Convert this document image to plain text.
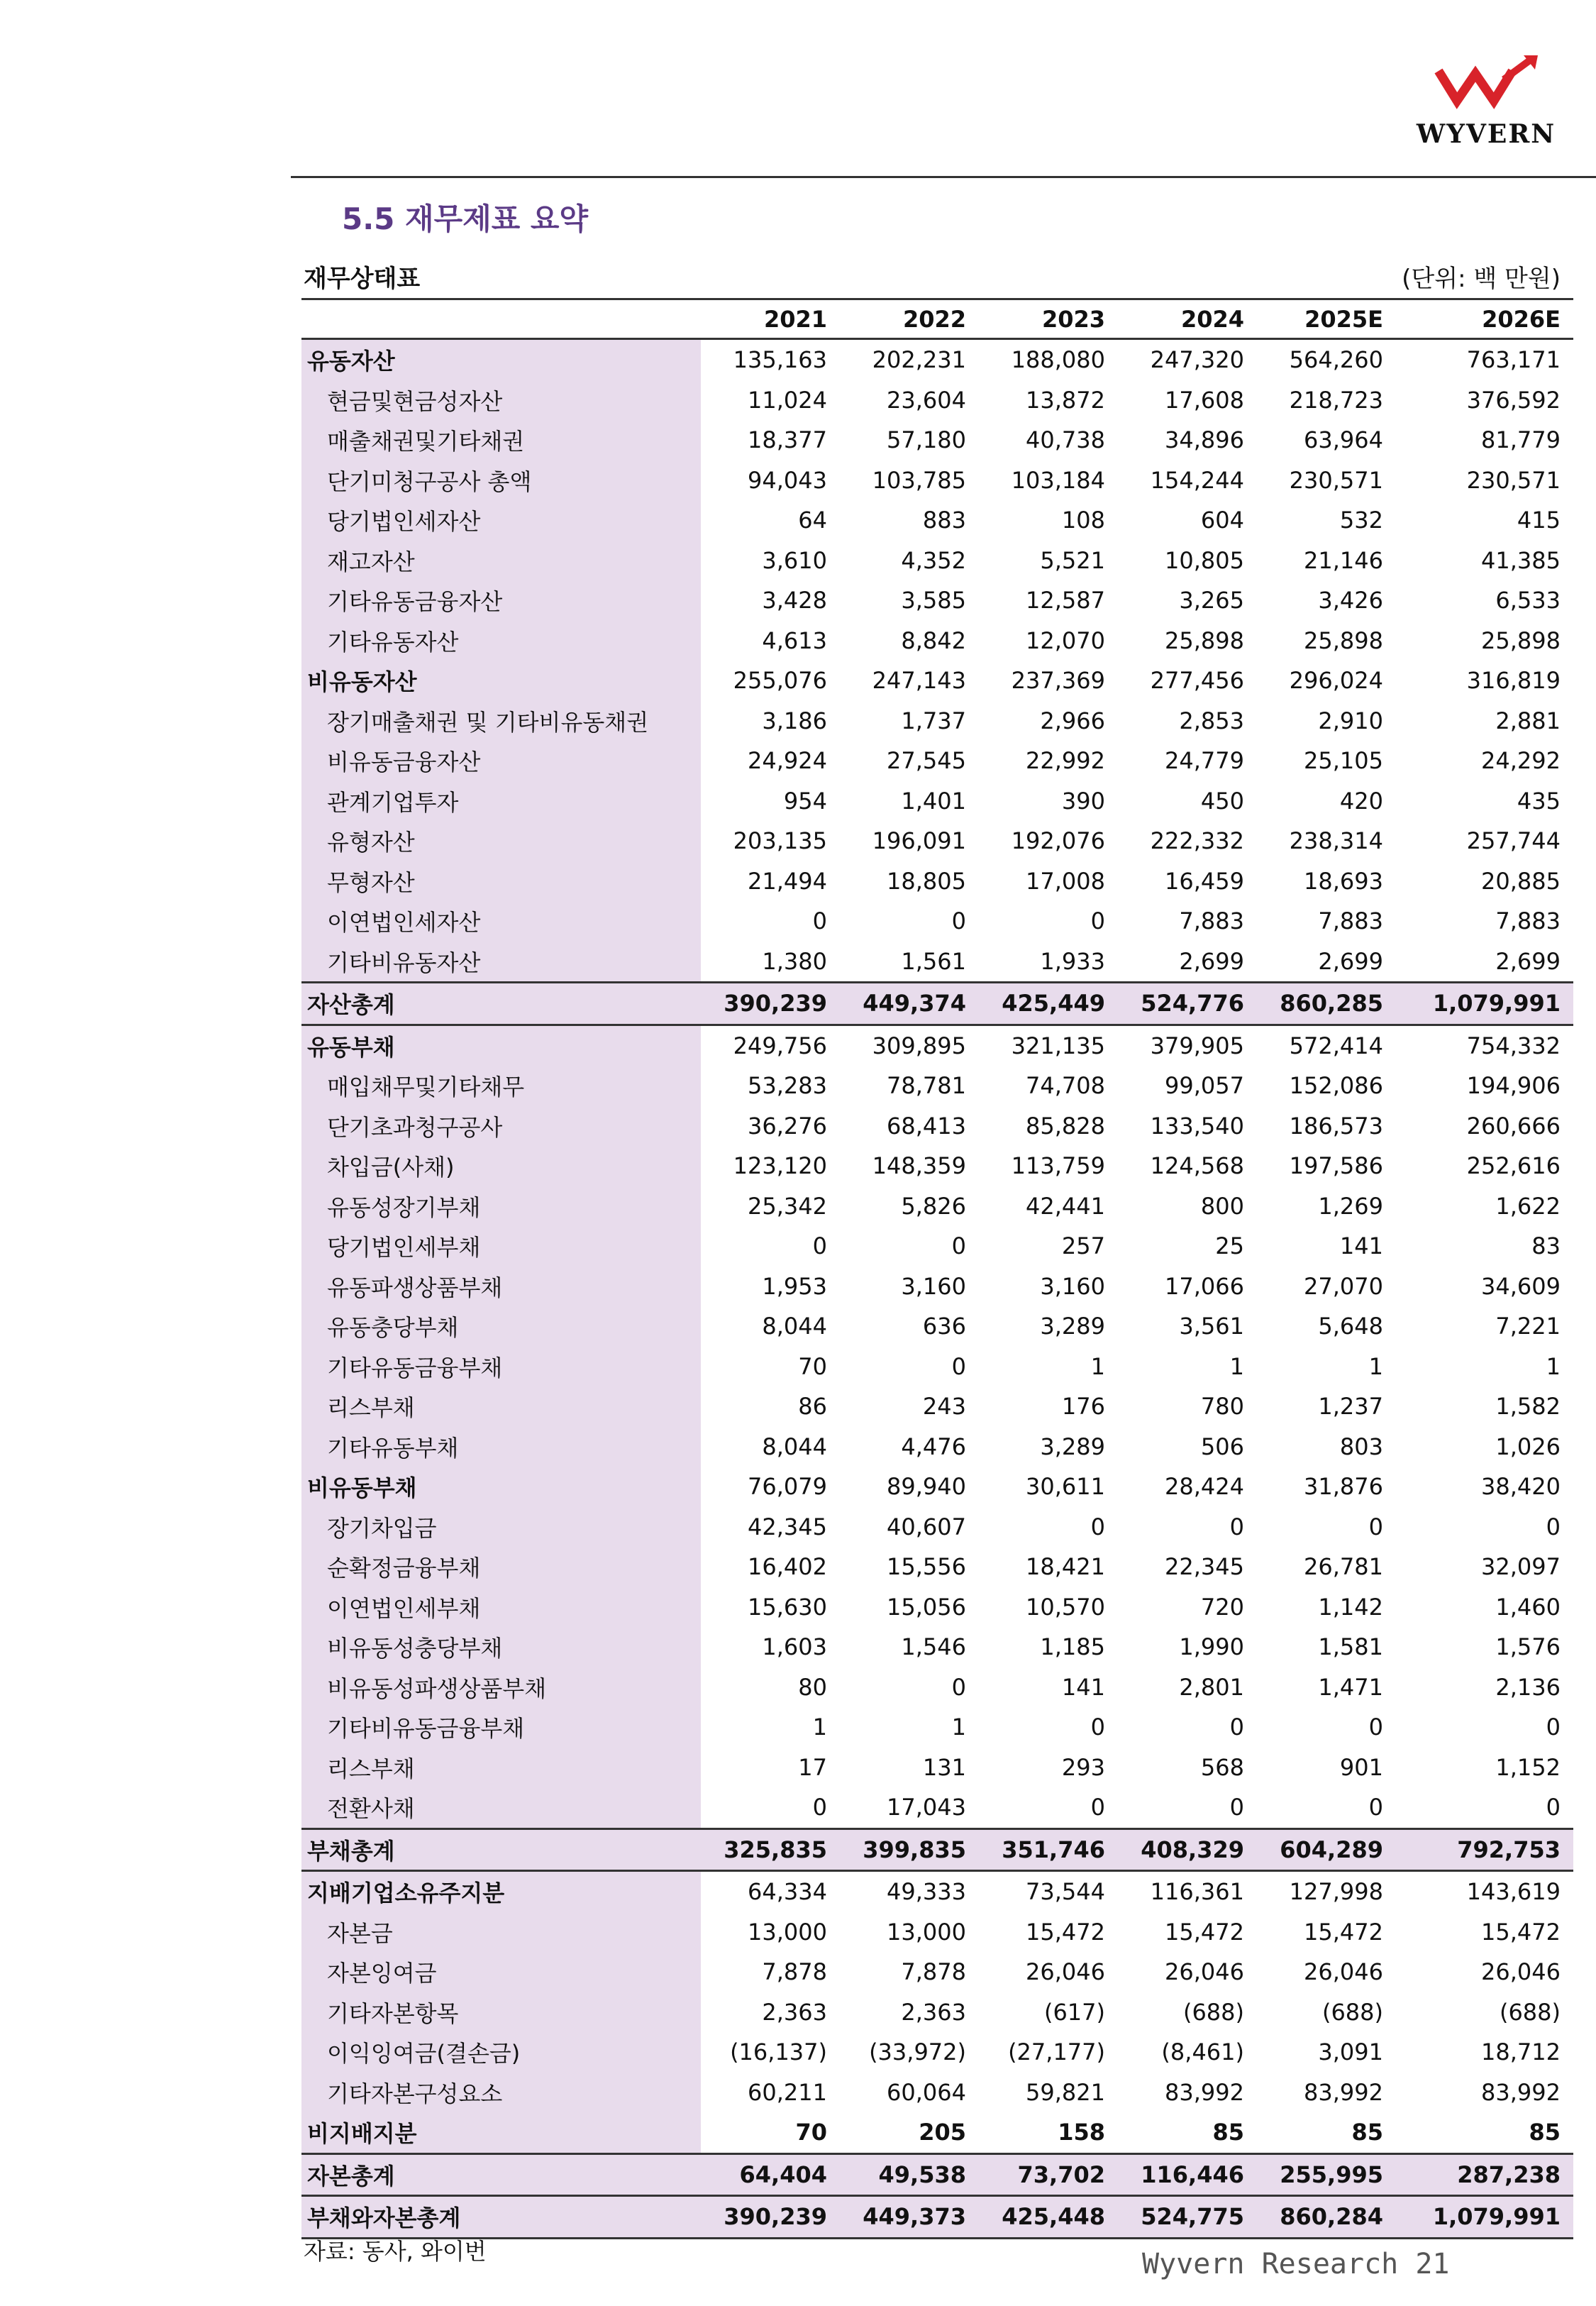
WYVERN
5.5 재무제표 요약
재무상태표	(단위: 백 만원)
	2021	2022	2023	2024	2025E	2026E
유동자산	135,163	202,231	188,080	247,320	564,260	763,171
현금및현금성자산	11,024	23,604	13,872	17,608	218,723	376,592
매출채권및기타채권	18,377	57,180	40,738	34,896	63,964	81,779
단기미청구공사 총액	94,043	103,785	103,184	154,244	230,571	230,571
당기법인세자산	64	883	108	604	532	415
재고자산	3,610	4,352	5,521	10,805	21,146	41,385
기타유동금융자산	3,428	3,585	12,587	3,265	3,426	6,533
기타유동자산	4,613	8,842	12,070	25,898	25,898	25,898
비유동자산	255,076	247,143	237,369	277,456	296,024	316,819
장기매출채권 및 기타비유동채권	3,186	1,737	2,966	2,853	2,910	2,881
비유동금융자산	24,924	27,545	22,992	24,779	25,105	24,292
관계기업투자	954	1,401	390	450	420	435
유형자산	203,135	196,091	192,076	222,332	238,314	257,744
무형자산	21,494	18,805	17,008	16,459	18,693	20,885
이연법인세자산	0	0	0	7,883	7,883	7,883
기타비유동자산	1,380	1,561	1,933	2,699	2,699	2,699
자산총계	390,239	449,374	425,449	524,776	860,285	1,079,991
유동부채	249,756	309,895	321,135	379,905	572,414	754,332
매입채무및기타채무	53,283	78,781	74,708	99,057	152,086	194,906
단기초과청구공사	36,276	68,413	85,828	133,540	186,573	260,666
차입금(사채)	123,120	148,359	113,759	124,568	197,586	252,616
유동성장기부채	25,342	5,826	42,441	800	1,269	1,622
당기법인세부채	0	0	257	25	141	83
유동파생상품부채	1,953	3,160	3,160	17,066	27,070	34,609
유동충당부채	8,044	636	3,289	3,561	5,648	7,221
기타유동금융부채	70	0	1	1	1	1
리스부채	86	243	176	780	1,237	1,582
기타유동부채	8,044	4,476	3,289	506	803	1,026
비유동부채	76,079	89,940	30,611	28,424	31,876	38,420
장기차입금	42,345	40,607	0	0	0	0
순확정금융부채	16,402	15,556	18,421	22,345	26,781	32,097
이연법인세부채	15,630	15,056	10,570	720	1,142	1,460
비유동성충당부채	1,603	1,546	1,185	1,990	1,581	1,576
비유동성파생상품부채	80	0	141	2,801	1,471	2,136
기타비유동금융부채	1	1	0	0	0	0
리스부채	17	131	293	568	901	1,152
전환사채	0	17,043	0	0	0	0
부채총계	325,835	399,835	351,746	408,329	604,289	792,753
지배기업소유주지분	64,334	49,333	73,544	116,361	127,998	143,619
자본금	13,000	13,000	15,472	15,472	15,472	15,472
자본잉여금	7,878	7,878	26,046	26,046	26,046	26,046
기타자본항목	2,363	2,363	(617)	(688)	(688)	(688)
이익잉여금(결손금)	(16,137)	(33,972)	(27,177)	(8,461)	3,091	18,712
기타자본구성요소	60,211	60,064	59,821	83,992	83,992	83,992
비지배지분	70	205	158	85	85	85
자본총계	64,404	49,538	73,702	116,446	255,995	287,238
부채와자본총계	390,239	449,373	425,448	524,775	860,284	1,079,991
자료: 동사, 와이번	Wyvern Research 21
